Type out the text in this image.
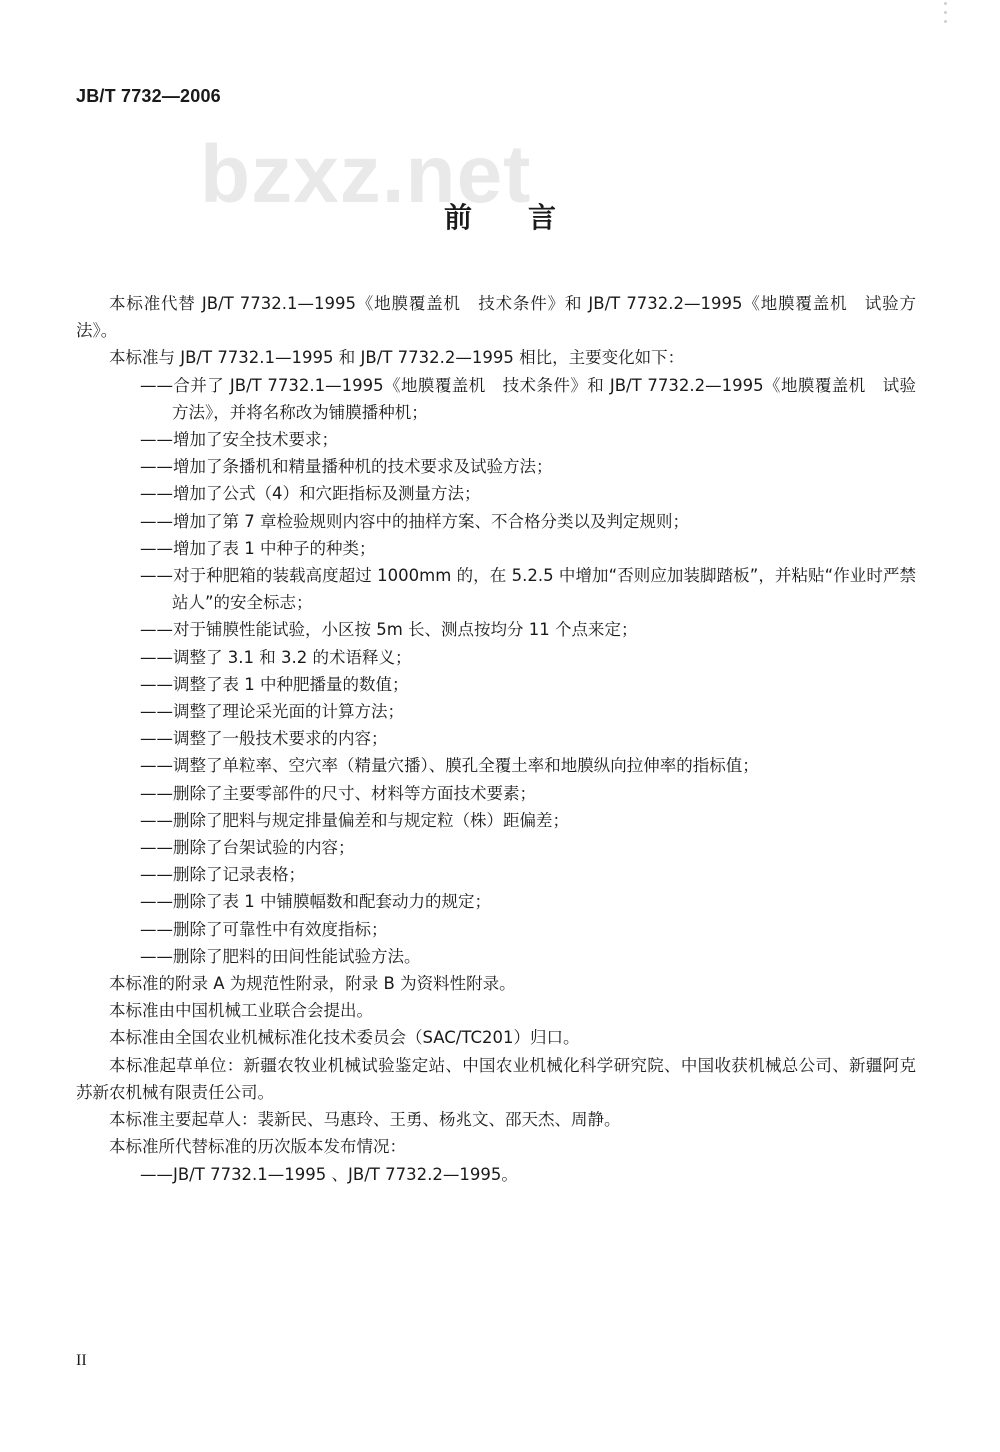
JB/T 7732—2006
bzxz.net
前言

本标准代替 JB/T 7732.1—1995《地膜覆盖机　技术条件》和 JB/T 7732.2—1995《地膜覆盖机　试验方法》。

本标准与 JB/T 7732.1—1995 和 JB/T 7732.2—1995 相比，主要变化如下：

——合并了 JB/T 7732.1—1995《地膜覆盖机　技术条件》和 JB/T 7732.2—1995《地膜覆盖机　试验方法》，并将名称改为铺膜播种机；

——增加了安全技术要求；

——增加了条播机和精量播种机的技术要求及试验方法；

——增加了公式（4）和穴距指标及测量方法；

——增加了第 7 章检验规则内容中的抽样方案、不合格分类以及判定规则；

——增加了表 1 中种子的种类；

——对于种肥箱的装载高度超过 1000mm 的，在 5.2.5 中增加“否则应加装脚踏板”，并粘贴“作业时严禁站人”的安全标志；

——对于铺膜性能试验，小区按 5m 长、测点按均分 11 个点来定；

——调整了 3.1 和 3.2 的术语释义；

——调整了表 1 中种肥播量的数值；

——调整了理论采光面的计算方法；

——调整了一般技术要求的内容；

——调整了单粒率、空穴率（精量穴播）、膜孔全覆土率和地膜纵向拉伸率的指标值；

——删除了主要零部件的尺寸、材料等方面技术要素；

——删除了肥料与规定排量偏差和与规定粒（株）距偏差；

——删除了台架试验的内容；

——删除了记录表格；

——删除了表 1 中铺膜幅数和配套动力的规定；

——删除了可靠性中有效度指标；

——删除了肥料的田间性能试验方法。

本标准的附录 A 为规范性附录，附录 B 为资料性附录。

本标准由中国机械工业联合会提出。

本标准由全国农业机械标准化技术委员会（SAC/TC201）归口。

本标准起草单位：新疆农牧业机械试验鉴定站、中国农业机械化科学研究院、中国收获机械总公司、新疆阿克苏新农机械有限责任公司。

本标准主要起草人：裴新民、马惠玲、王勇、杨兆文、邵天杰、周静。

本标准所代替标准的历次版本发布情况：

——JB/T 7732.1—1995 、JB/T 7732.2—1995。

II
